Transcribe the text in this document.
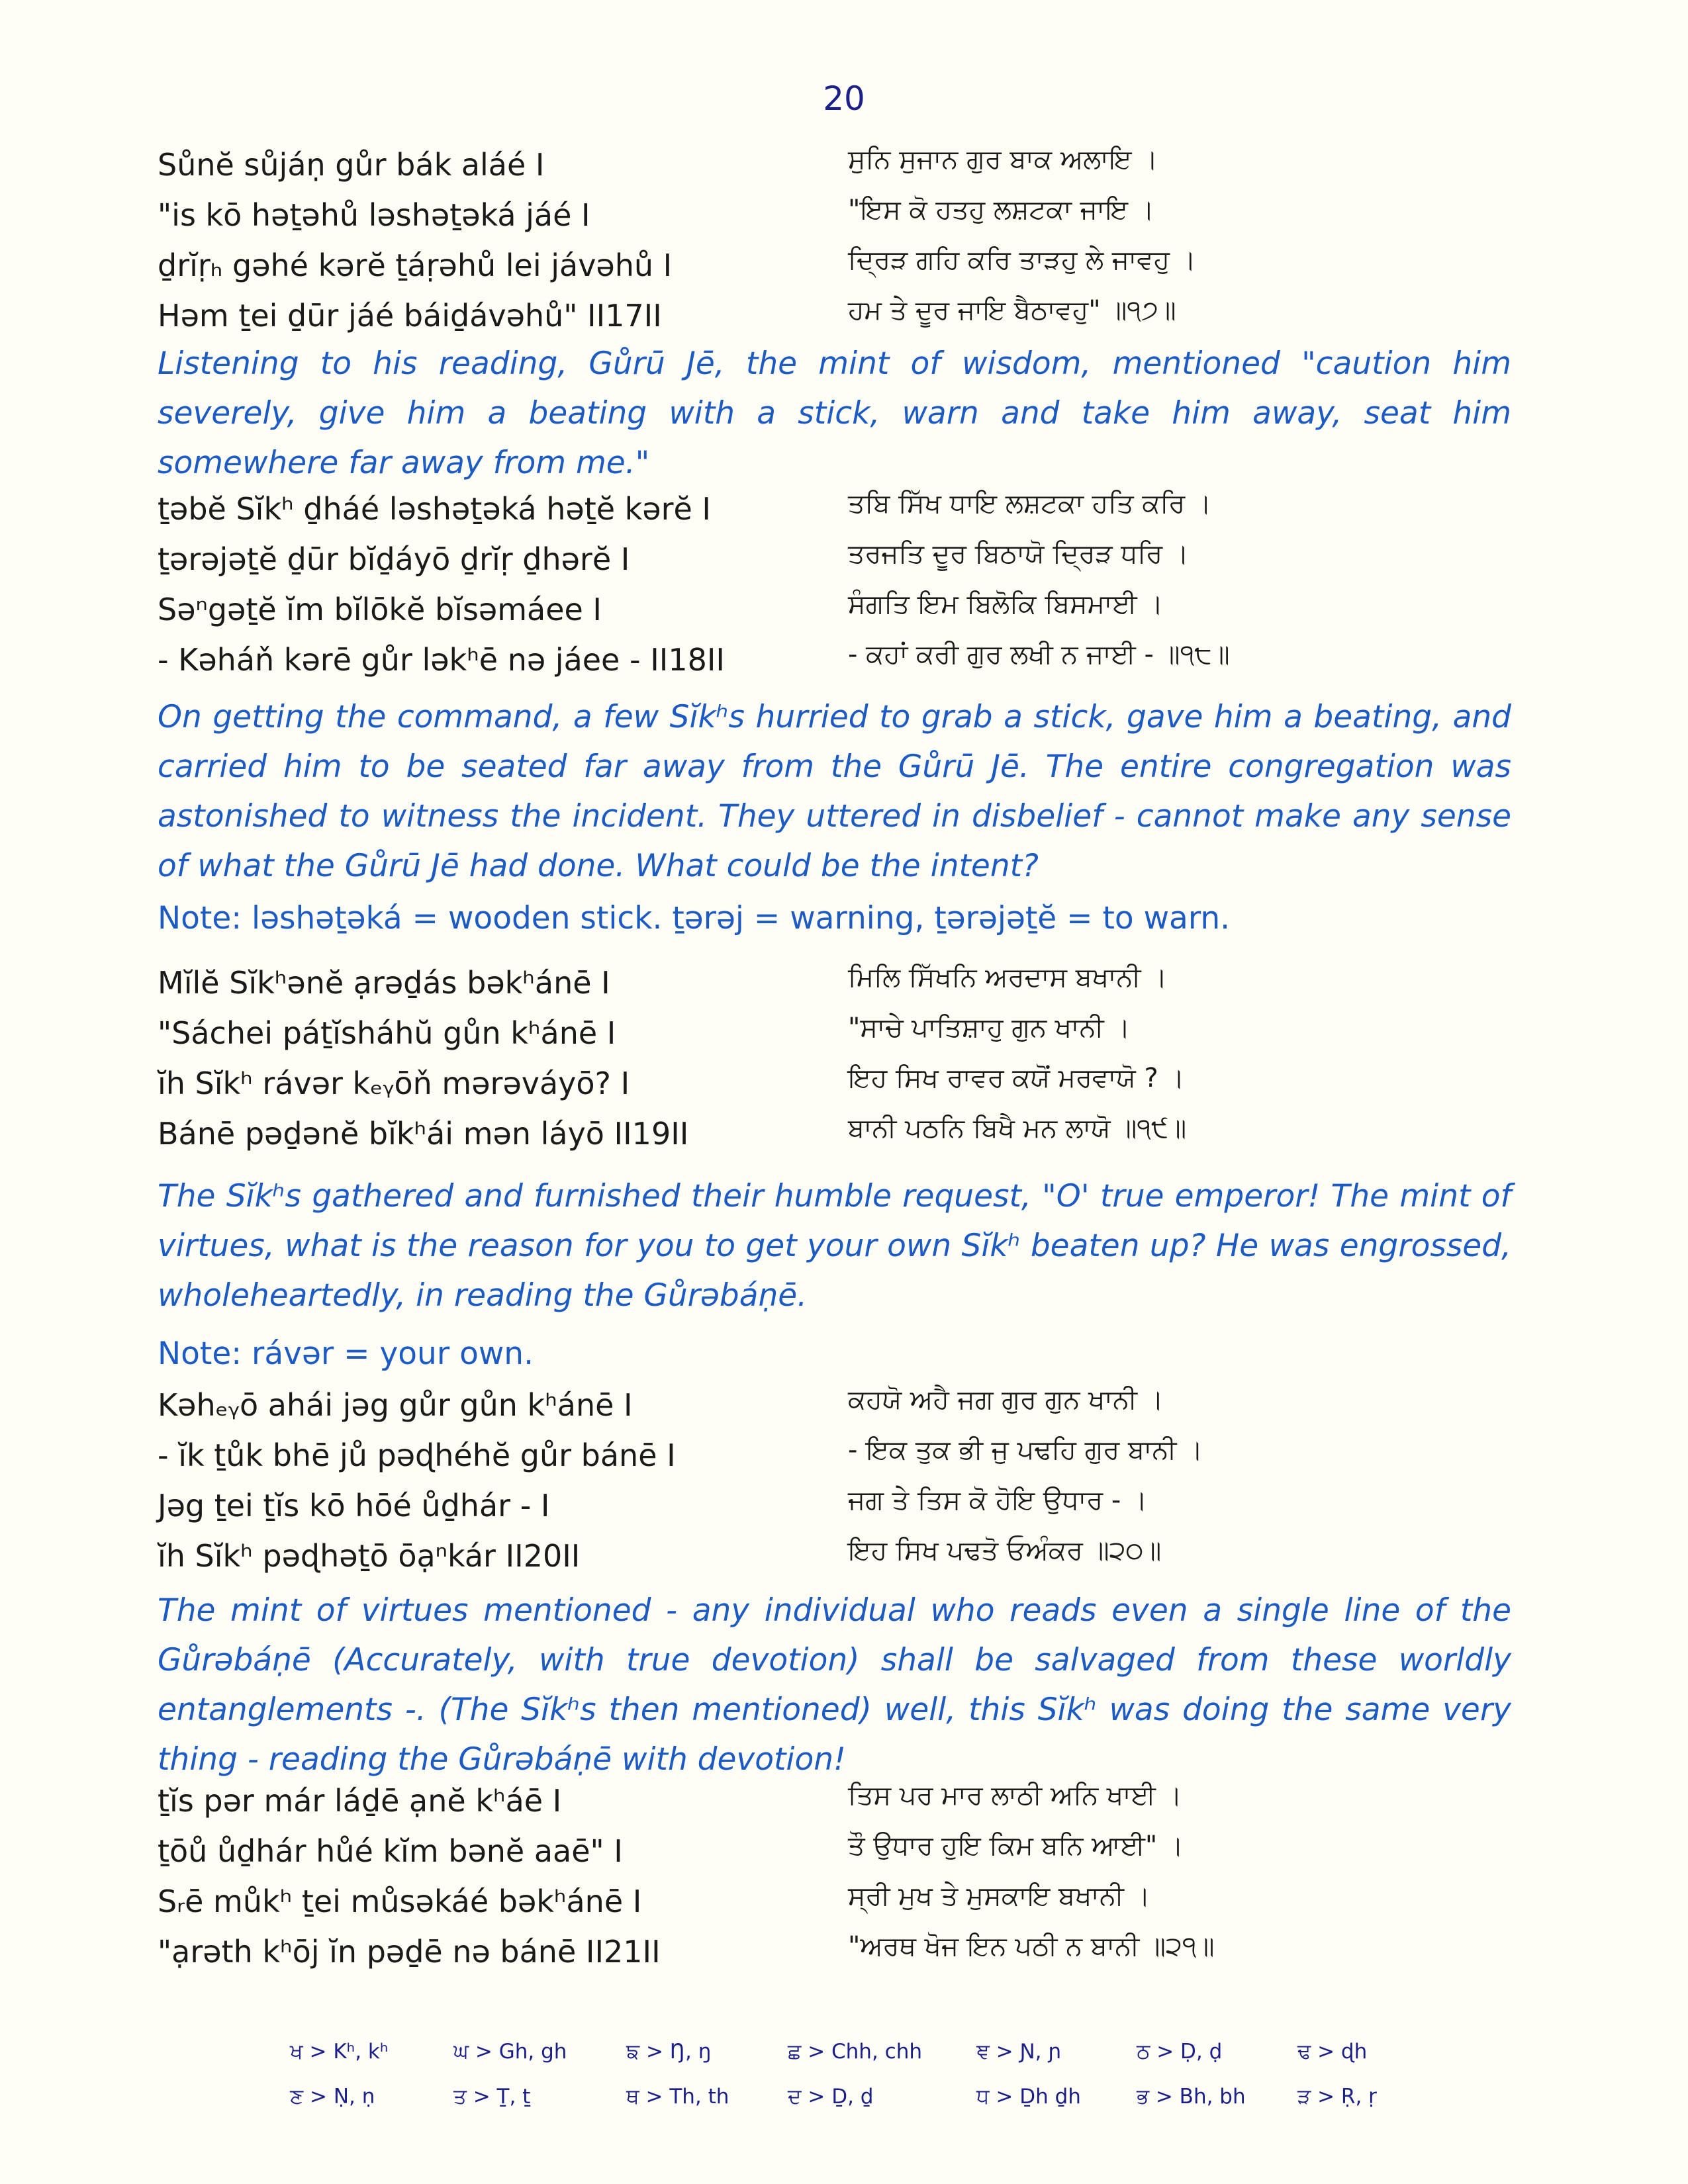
20
Sůnĕ sůjáṇ gůr bák aláé I	ਸੁਨਿ ਸੁਜਾਨ ਗੁਰ ਬਾਕ ਅਲਾਇ ।
"is kō həṯəhů ləshəṯəká jáé I	"ਇਸ ਕੋ ਹਤਹੁ ਲਸ਼ਟਕਾ ਜਾਇ ।
ḏrĭṛₕ gəhé kərĕ ṯáṛəhů lei jávəhů I	ਦ੍ਰਿੜ ਗਹਿ ਕਰਿ ਤਾੜਹੁ ਲੇ ਜਾਵਹੁ ।
Həm ṯei ḏūr jáé báiḏávəhů" II17II	ਹਮ ਤੇ ਦੂਰ ਜਾਇ ਬੈਠਾਵਹੁ" ॥੧੭॥
Listening to his reading, Gůrū Jē, the mint of wisdom, mentioned "caution him severely, give him a beating with a stick, warn and take him away, seat him somewhere far away from me."
ṯəbĕ Sĭkʰ ḏháé ləshəṯəká həṯĕ kərĕ I	ਤਬਿ ਸਿੱਖ ਧਾਇ ਲਸ਼ਟਕਾ ਹਤਿ ਕਰਿ ।
ṯərəjəṯĕ ḏūr bĭḏáyō ḏrĭṛ ḏhərĕ I	ਤਰਜਤਿ ਦੂਰ ਬਿਠਾਯੋ ਦ੍ਰਿੜ ਧਰਿ ।
Səⁿgəṯĕ ĭm bĭlōkĕ bĭsəmáee I	ਸੰਗਤਿ ਇਮ ਬਿਲੋਕਿ ਬਿਸਮਾਈ ।
- Kəháň kərē gůr ləkʰē nə jáee - II18II	- ਕਹਾਂ ਕਰੀ ਗੁਰ ਲਖੀ ਨ ਜਾਈ - ॥੧੮॥
On getting the command, a few Sĭkʰs hurried to grab a stick, gave him a beating, and carried him to be seated far away from the Gůrū Jē. The entire congregation was astonished to witness the incident. They uttered in disbelief - cannot make any sense of what the Gůrū Jē had done. What could be the intent?
Note: ləshəṯəká = wooden stick. ṯərəj = warning, ṯərəjəṯĕ = to warn.
Mĭlĕ Sĭkʰənĕ ạrəḏás bəkʰánē I	ਮਿਲਿ ਸਿੱਖਨਿ ਅਰਦਾਸ ਬਖਾਨੀ ।
"Sáchei páṯĭsháhŭ gůn kʰánē I	"ਸਾਚੇ ਪਾਤਿਸ਼ਾਹੁ ਗੁਨ ਖਾਨੀ ।
ĭh Sĭkʰ rávər kₑᵧōň mərəváyō? I	ਇਹ ਸਿਖ ਰਾਵਰ ਕਯੋਂ ਮਰਵਾਯੋ ? ।
Bánē pəḏənĕ bĭkʰái mən láyō II19II	ਬਾਨੀ ਪਠਨਿ ਬਿਖੈ ਮਨ ਲਾਯੋ ॥੧੯॥
The Sĭkʰs gathered and furnished their humble request, "O' true emperor! The mint of virtues, what is the reason for you to get your own Sĭkʰ beaten up? He was engrossed, wholeheartedly, in reading the Gůrəbáṇē.
Note: rávər = your own.
Kəhₑᵧō ahái jəg gůr gůn kʰánē I	ਕਹਯੋ ਅਹੈ ਜਗ ਗੁਰ ਗੁਨ ਖਾਨੀ ।
- ĭk ṯůk bhē jů pəɖhéhĕ gůr bánē I	- ਇਕ ਤੁਕ ਭੀ ਜੁ ਪਢਹਿ ਗੁਰ ਬਾਨੀ ।
Jəg ṯei ṯĭs kō hōé ůḏhár - I	ਜਗ ਤੇ ਤਿਸ ਕੋ ਹੋਇ ਉਧਾਰ - ।
ĭh Sĭkʰ pəɖhəṯō ōạⁿkár II20II	ਇਹ ਸਿਖ ਪਢਤੋ ਓਅੰਕਰ ॥੨੦॥
The mint of virtues mentioned - any individual who reads even a single line of the Gůrəbáṇē (Accurately, with true devotion) shall be salvaged from these worldly entanglements -. (The Sĭkʰs then mentioned) well, this Sĭkʰ was doing the same very thing - reading the Gůrəbáṇē with devotion!
ṯĭs pər már láḏē ạnĕ kʰáē I	ਤਿਸ ਪਰ ਮਾਰ ਲਾਠੀ ਅਨਿ ਖਾਈ ।
ṯōů ůḏhár hůé kĭm bənĕ aaē" I	ਤੌ ਉਧਾਰ ਹੁਇ ਕਿਮ ਬਨਿ ਆਈ" ।
Sᵣē můkʰ ṯei můsəkáé bəkʰánē I	ਸ੍ਰੀ ਮੁਖ ਤੇ ਮੁਸਕਾਇ ਬਖਾਨੀ ।
"ạrəth kʰōj ĭn pəḏē nə bánē II21II	"ਅਰਥ ਖੋਜ ਇਨ ਪਠੀ ਨ ਬਾਨੀ ॥੨੧॥
ਖ > Kʰ, kʰ	ਘ > Gh, gh	ਙ > Ŋ, ŋ	ਛ > Chh, chh	ਞ > Ɲ, ɲ	ਠ > Ḍ, ḍ	ਢ > ɖh
ਣ > Ṇ, ṇ	ਤ > Ṯ, ṯ	ਥ > Th, th	ਦ > Ḏ, ḏ	ਧ > Ḏh ḏh	ਭ > Bh, bh	ੜ > Ṛ, ṛ
